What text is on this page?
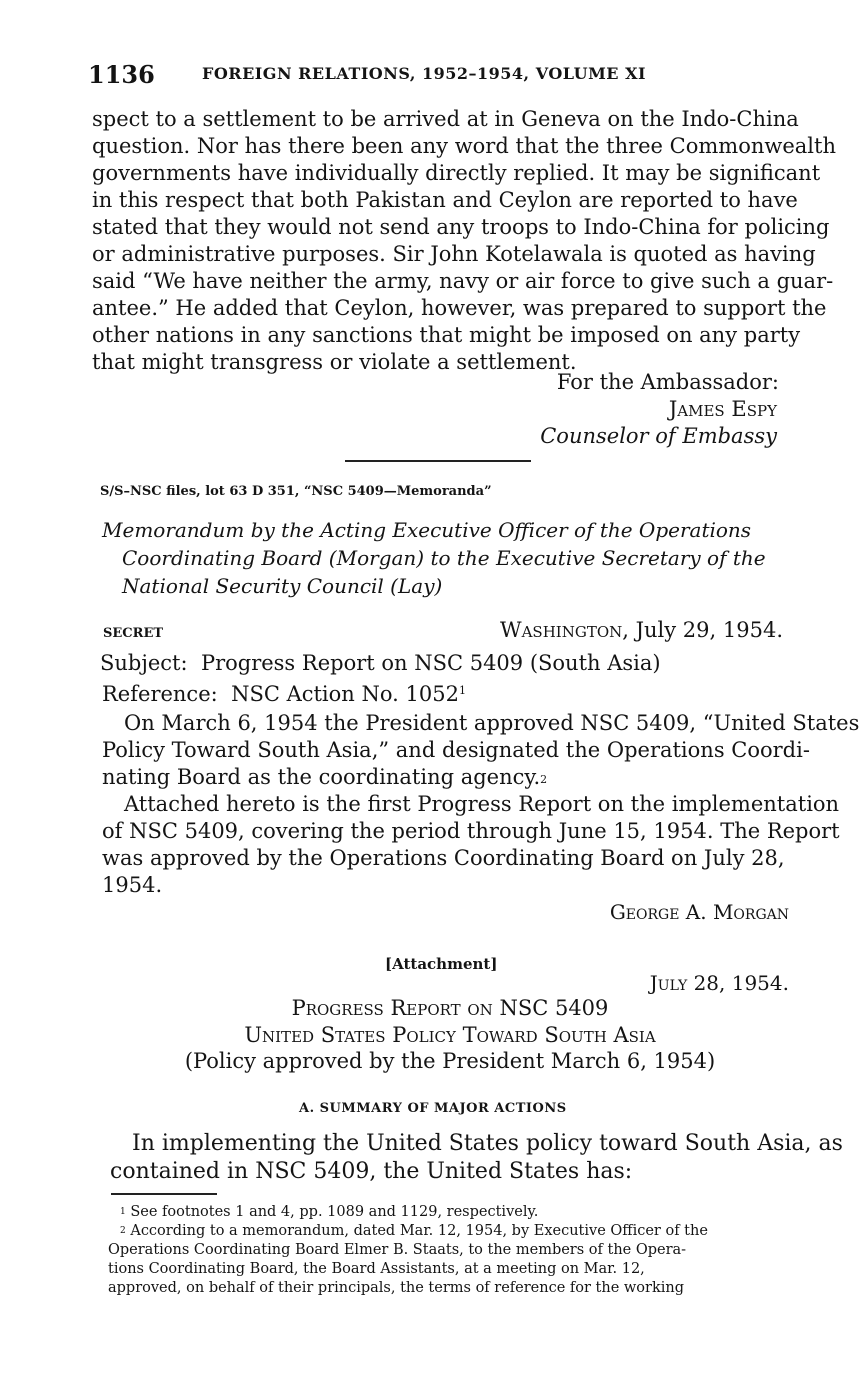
1136	FOREIGN RELATIONS, 1952–1954, VOLUME XI
spect to a settlement to be arrived at in Geneva on the Indo-China
question. Nor has there been any word that the three Commonwealth
governments have individually directly replied. It may be significant
in this respect that both Pakistan and Ceylon are reported to have
stated that they would not send any troops to Indo-China for policing
or administrative purposes. Sir John Kotelawala is quoted as having
said “We have neither the army, navy or air force to give such a guar-
antee.” He added that Ceylon, however, was prepared to support the
other nations in any sanctions that might be imposed on any party
that might transgress or violate a settlement.
For the Ambassador:
James Espy
Counselor of Embassy
S/S–NSC files, lot 63 D 351, “NSC 5409—Memoranda”
Memorandum by the Acting Executive Officer of the Operations
Coordinating Board (Morgan) to the Executive Secretary of the
National Security Council (Lay)
SECRET	Washington, July 29, 1954.
Subject: Progress Report on NSC 5409 (South Asia)
Reference: NSC Action No. 1052$^1$
On March 6, 1954 the President approved NSC 5409, “United States
Policy Toward South Asia,” and designated the Operations Coordi-
nating Board as the coordinating agency.$^2$
Attached hereto is the first Progress Report on the implementation
of NSC 5409, covering the period through June 15, 1954. The Report
was approved by the Operations Coordinating Board on July 28,
1954.
George A. Morgan
[Attachment]
July 28, 1954.
Progress Report on NSC 5409
United States Policy Toward South Asia
(Policy approved by the President March 6, 1954)
A. SUMMARY OF MAJOR ACTIONS
In implementing the United States policy toward South Asia, as
contained in NSC 5409, the United States has:
$^1$ See footnotes 1 and 4, pp. 1089 and 1129, respectively.
$^2$ According to a memorandum, dated Mar. 12, 1954, by Executive Officer of the
Operations Coordinating Board Elmer B. Staats, to the members of the Opera-
tions Coordinating Board, the Board Assistants, at a meeting on Mar. 12,
approved, on behalf of their principals, the terms of reference for the working
